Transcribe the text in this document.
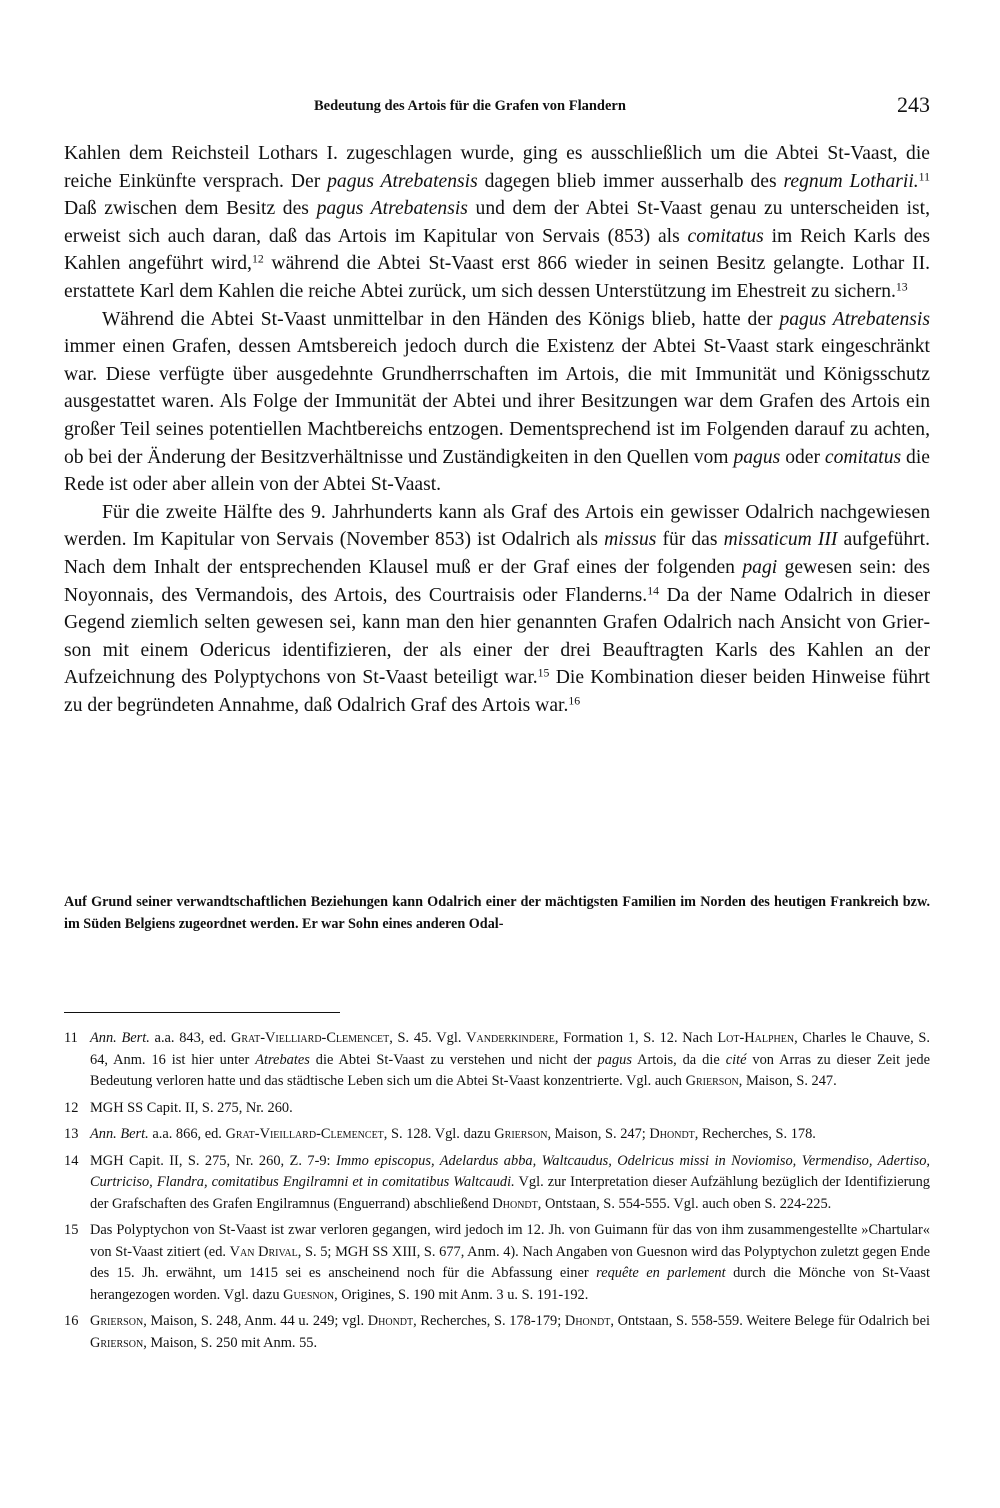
Bedeutung des Artois für die Grafen von Flandern	243

Kahlen dem Reichsteil Lothars I. zugeschlagen wurde, ging es ausschließlich um die Abtei St-Vaast, die reiche Einkünfte versprach. Der pagus Atrebatensis dagegen blieb immer ausserhalb des regnum Lotharii.$^{11}$ Daß zwischen dem Besitz des pagus Atrebatensis und dem der Abtei St-Vaast genau zu unterscheiden ist, erweist sich auch daran, daß das Artois im Kapitular von Servais (853) als comitatus im Reich Karls des Kahlen angeführt wird,$^{12}$ während die Abtei St-Vaast erst 866 wieder in seinen Besitz gelangte. Lothar II. erstattete Karl dem Kahlen die reiche Abtei zurück, um sich dessen Unterstützung im Ehestreit zu sichern.$^{13}$

Während die Abtei St-Vaast unmittelbar in den Händen des Königs blieb, hatte der pagus Atrebatensis immer einen Grafen, dessen Amtsbereich jedoch durch die Existenz der Abtei St-Vaast stark eingeschränkt war. Diese verfügte über ausgedehnte Grundherrschaften im Artois, die mit Immunität und Königsschutz ausgestattet waren. Als Folge der Immunität der Abtei und ihrer Besitzungen war dem Grafen des Artois ein großer Teil seines potentiellen Machtbereichs entzogen. Dementsprechend ist im Folgenden darauf zu achten, ob bei der Änderung der Besitzverhältnisse und Zuständigkeiten in den Quellen vom pagus oder comitatus die Rede ist oder aber allein von der Abtei St-Vaast.

Für die zweite Hälfte des 9. Jahrhunderts kann als Graf des Artois ein gewisser Odalrich nachgewiesen werden. Im Kapitular von Servais (November 853) ist Odalrich als missus für das missaticum III aufgeführt. Nach dem Inhalt der entsprechenden Klausel muß er der Graf eines der folgenden pagi gewesen sein: des Noyonnais, des Vermandois, des Artois, des Courtraisis oder Flanderns.$^{14}$ Da der Name Odalrich in dieser Gegend ziemlich selten gewesen sei, kann man den hier genannten Grafen Odalrich nach Ansicht von Grierson mit einem Odericus identifizieren, der als einer der drei Beauftragten Karls des Kahlen an der Aufzeichnung des Polyptychons von St-Vaast beteiligt war.$^{15}$ Die Kombination dieser beiden Hinweise führt zu der begründeten Annahme, daß Odalrich Graf des Artois war.$^{16}$

Auf Grund seiner verwandtschaftlichen Beziehungen kann Odalrich einer der mächtigsten Familien im Norden des heutigen Frankreich bzw. im Süden Belgiens zugeordnet werden. Er war Sohn eines anderen Odal-

11 Ann. Bert. a.a. 843, ed. Grat-Vielliard-Clemencet, S. 45. Vgl. Vanderkindere, Formation 1, S. 12. Nach Lot-Halphen, Charles le Chauve, S. 64, Anm. 16 ist hier unter Atrebates die Abtei St-Vaast zu verstehen und nicht der pagus Artois, da die cité von Arras zu dieser Zeit jede Bedeutung verloren hatte und das städtische Leben sich um die Abtei St-Vaast konzentrierte. Vgl. auch Grierson, Maison, S. 247.
12 MGH SS Capit. II, S. 275, Nr. 260.
13 Ann. Bert. a.a. 866, ed. Grat-Vieillard-Clemencet, S. 128. Vgl. dazu Grierson, Maison, S. 247; Dhondt, Recherches, S. 178.
14 MGH Capit. II, S. 275, Nr. 260, Z. 7-9: Immo episcopus, Adelardus abba, Waltcaudus, Odelricus missi in Noviomiso, Vermendiso, Adertiso, Curtriciso, Flandra, comitatibus Engilramni et in comitatibus Waltcaudi. Vgl. zur Interpretation dieser Aufzählung bezüglich der Identifizierung der Grafschaften des Grafen Engilramnus (Enguerrand) abschließend Dhondt, Ontstaan, S. 554-555. Vgl. auch oben S. 224-225.
15 Das Polyptychon von St-Vaast ist zwar verloren gegangen, wird jedoch im 12. Jh. von Guimann für das von ihm zusammengestellte »Chartular« von St-Vaast zitiert (ed. Van Drival, S. 5; MGH SS XIII, S. 677, Anm. 4). Nach Angaben von Guesnon wird das Polyptychon zuletzt gegen Ende des 15. Jh. erwähnt, um 1415 sei es anscheinend noch für die Abfassung einer requête en parlement durch die Mönche von St-Vaast herangezogen worden. Vgl. dazu Guesnon, Origines, S. 190 mit Anm. 3 u. S. 191-192.
16 Grierson, Maison, S. 248, Anm. 44 u. 249; vgl. Dhondt, Recherches, S. 178-179; Dhondt, Ontstaan, S. 558-559. Weitere Belege für Odalrich bei Grierson, Maison, S. 250 mit Anm. 55.
